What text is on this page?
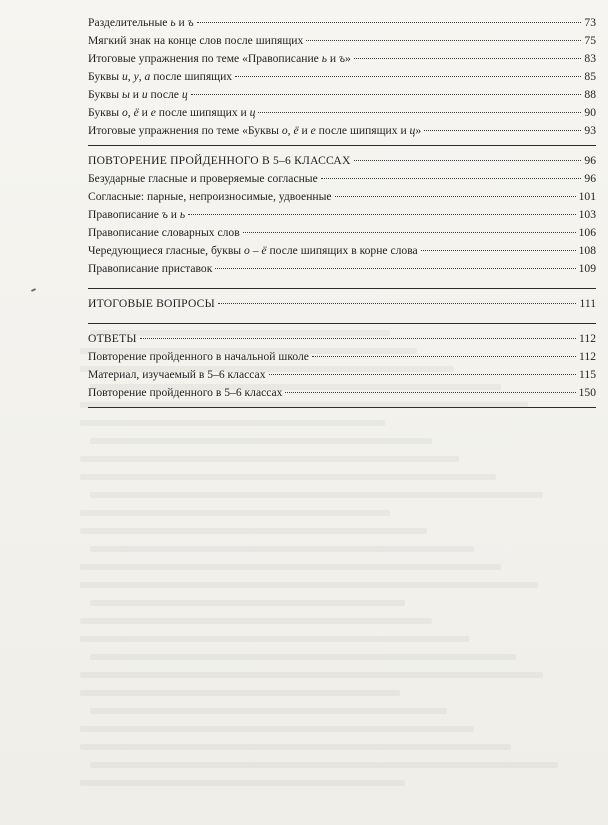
Разделительные ь и ъ	73
Мягкий знак на конце слов после шипящих	75
Итоговые упражнения по теме «Правописание ь и ъ»	83
Буквы и, у, а после шипящих	85
Буквы ы и и после ц	88
Буквы о, ё и е после шипящих и ц	90
Итоговые упражнения по теме «Буквы о, ё и е после шипящих и ц»	93
ПОВТОРЕНИЕ ПРОЙДЕННОГО В 5–6 КЛАССАХ	96
Безударные гласные и проверяемые согласные	96
Согласные: парные, непроизносимые, удвоенные	101
Правописание ъ и ь	103
Правописание словарных слов	106
Чередующиеся гласные, буквы о – ё после шипящих в корне слова	108
Правописание приставок	109
ИТОГОВЫЕ ВОПРОСЫ	111
ОТВЕТЫ	112
Повторение пройденного в начальной школе	112
Материал, изучаемый в 5–6 классах	115
Повторение пройденного в 5–6 классах	150
